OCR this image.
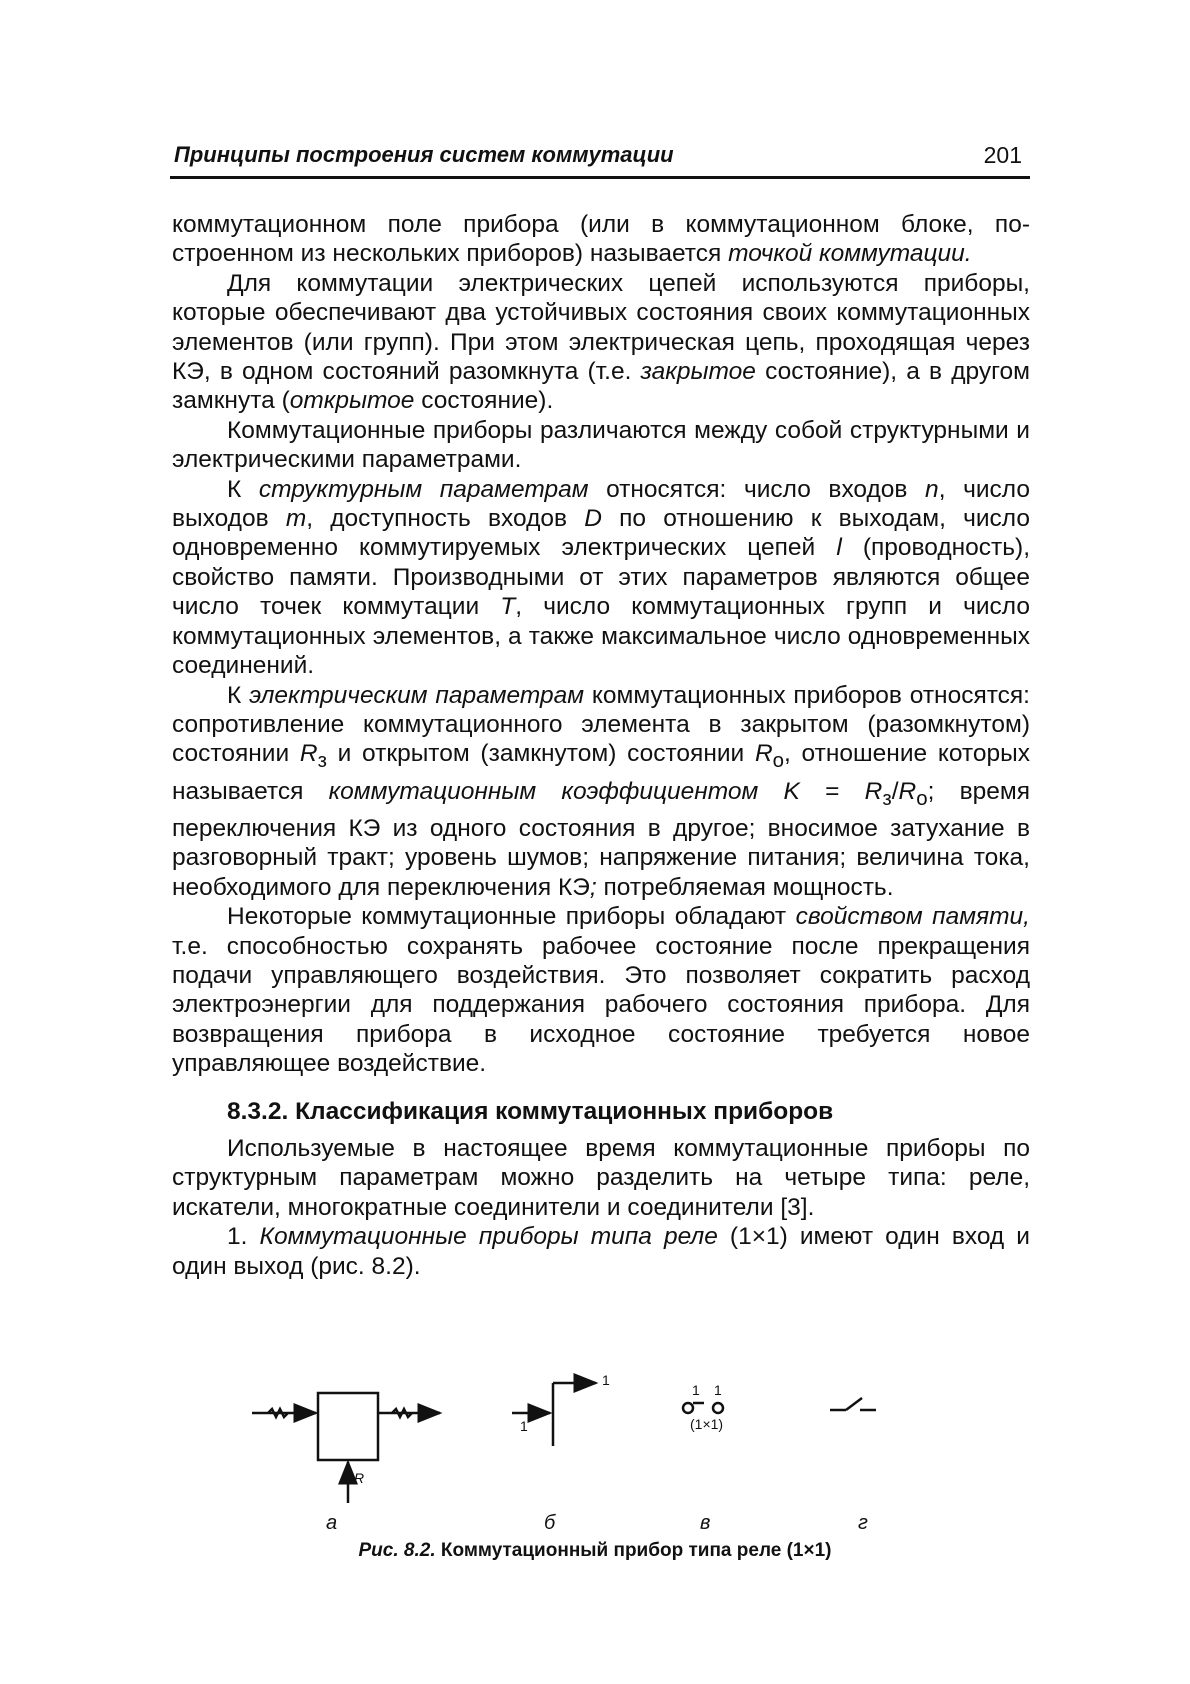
Принципы построения систем коммутации	201

коммутационном поле прибора (или в коммутационном блоке, построенном из нескольких приборов) называется точкой коммутации.

Для коммутации электрических цепей используются приборы, которые обеспечивают два устойчивых состояния своих коммутационных элементов (или групп). При этом электрическая цепь, проходящая через КЭ, в одном состояний разомкнута (т.е. закрытое состояние), а в другом замкнута (открытое состояние).

Коммутационные приборы различаются между собой структурными и электрическими параметрами.

К структурным параметрам относятся: число входов n, число выходов m, доступность входов D по отношению к выходам, число одновременно коммутируемых электрических цепей l (проводность), свойство памяти. Производными от этих параметров являются общее число точек коммутации T, число коммутационных групп и число коммутационных элементов, а также максимальное число одновременных соединений.

К электрическим параметрам коммутационных приборов относятся: сопротивление коммутационного элемента в закрытом (разомкнутом) состоянии $R_з$ и открытом (замкнутом) состоянии $R_о$, отношение которых называется коммутационным коэффициентом $K = R_з/R_о$; время переключения КЭ из одного состояния в другое; вносимое затухание в разговорный тракт; уровень шумов; напряжение питания; величина тока, необходимого для переключения КЭ; потребляемая мощность.

Некоторые коммутационные приборы обладают свойством памяти, т.е. способностью сохранять рабочее состояние после прекращения подачи управляющего воздействия. Это позволяет сократить расход электроэнергии для поддержания рабочего состояния прибора. Для возвращения прибора в исходное состояние требуется новое управляющее воздействие.

8.3.2. Классификация коммутационных приборов

Используемые в настоящее время коммутационные приборы по структурным параметрам можно разделить на четыре типа: реле, искатели, многократные соединители и соединители [3].

1. Коммутационные приборы типа реле (1×1) имеют один вход и один выход (рис. 8.2).

R
1
1
1 1
(1×1)
а	б	в	г
Рис. 8.2. Коммутационный прибор типа реле (1×1)
